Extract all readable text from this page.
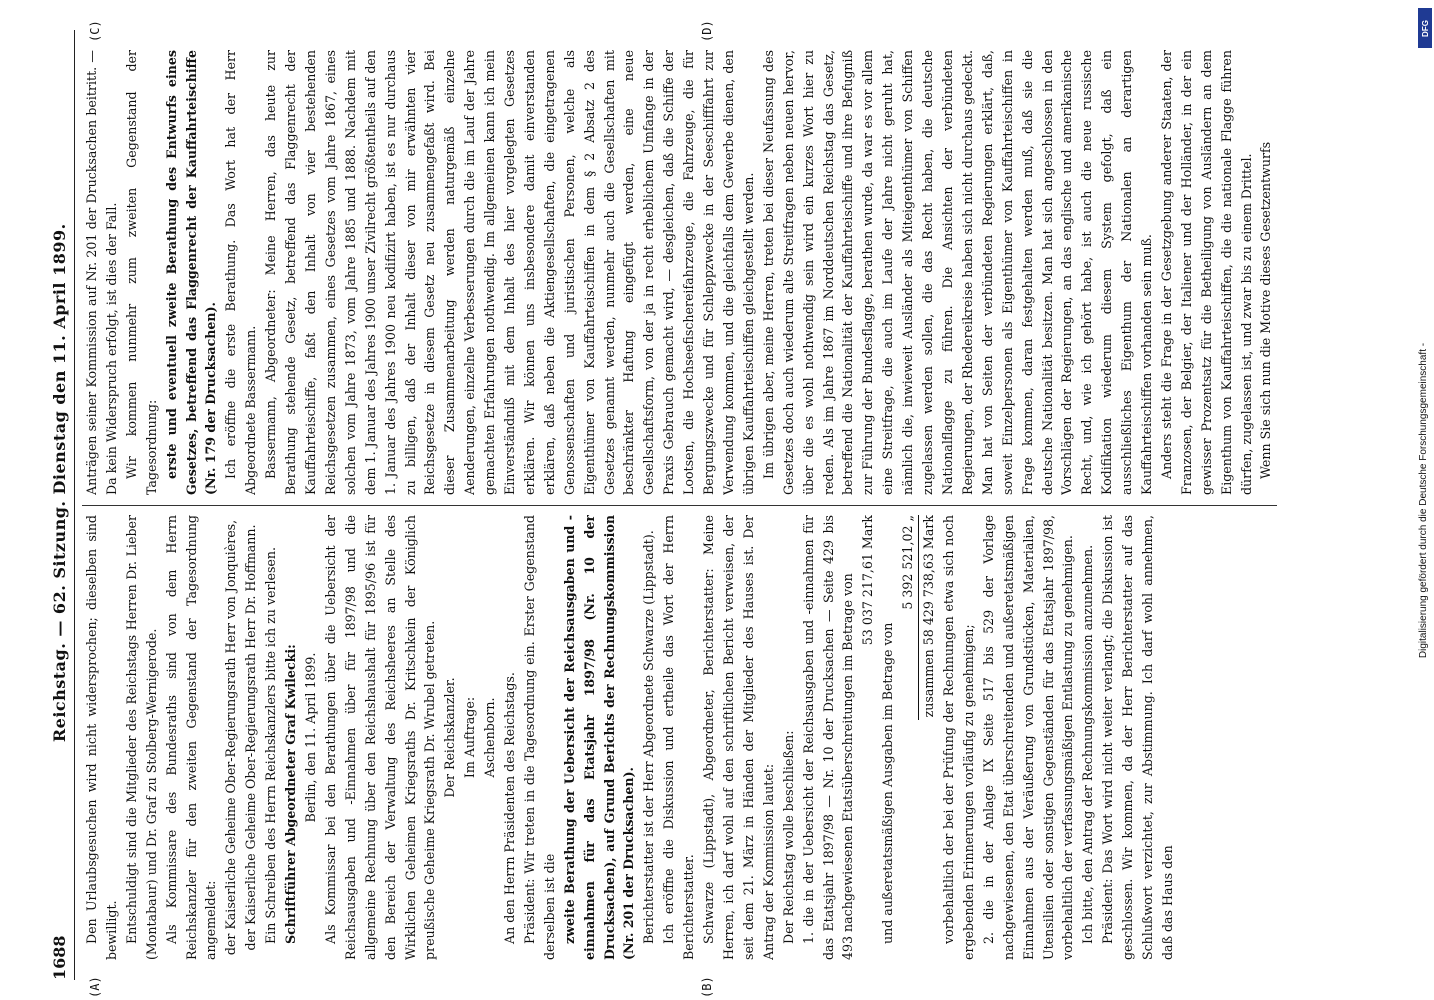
1688
Reichstag. — 62. Sitzung. Dienstag den 11. April 1899.
(A)	(B)
(C)	(D)

Den Urlaubsgesuchen wird nicht widersprochen; dieselben sind bewilligt. Entschuldigt sind die Mitglieder des Reichstags Herren Dr. Lieber (Montabaur) und Dr. Graf zu Stolberg-Wernigerode. Als Kommissare des Bundesraths sind von dem Herrn Reichskanzler für den zweiten Gegenstand der Tagesordnung angemeldet: der Kaiserliche Geheime Ober-Regierungsrath Herr von Jonquières, der Kaiserliche Geheime Ober-Regierungsrath Herr Dr. Hoffmann. Ein Schreiben des Herrn Reichskanzlers bitte ich zu verlesen. Schriftführer Abgeordneter Graf Kwilecki: Berlin, den 11. April 1899. Als Kommissar bei den Berathungen über die Uebersicht der Reichsausgaben und -Einnahmen über für 1897/98 und die allgemeine Rechnung über den Reichshaushalt für 1895/96 ist für den Bereich der Verwaltung des Reichsheeres an Stelle des Wirklichen Geheimen Kriegsraths Dr. Kritschkein der Königlich preußische Geheime Kriegsrath Dr. Wrubel getreten. Der Reichskanzler. Im Auftrage: Aschenborn. An den Herrn Präsidenten des Reichstags. Präsident: Wir treten in die Tagesordnung ein. Erster Gegenstand derselben ist die zweite Berathung der Uebersicht der Reichsausgaben und -einnahmen für das Etatsjahr 1897/98 (Nr. 10 der Drucksachen), auf Grund Berichts der Rechnungskommission (Nr. 201 der Drucksachen). Berichterstatter ist der Herr Abgeordnete Schwarze (Lippstadt). Ich eröffne die Diskussion und ertheile das Wort der Herrn Berichterstatter. Schwarze (Lippstadt), Abgeordneter, Berichterstatter: Meine Herren, ich darf wohl auf den schriftlichen Bericht verweisen, der seit dem 21. März in Händen der Mitglieder des Hauses ist. Der Antrag der Kommission lautet: Der Reichstag wolle beschließen: 1. die in der Uebersicht der Reichsausgaben und -einnahmen für das Etatsjahr 1897/98 — Nr. 10 der Drucksachen — Seite 429 bis 493 nachgewiesenen Etatsüberschreitungen im Betrage von 53 037 217,61 Mark

und außeretatsmäßigen Ausgaben im Betrage von

5 392 521,02 „ zusammen 58 429 738,63 Mark vorbehaltlich der bei der Prüfung der Rechnungen etwa sich noch ergebenden Erinnerungen vorläufig zu genehmigen; 2. die in der Anlage IX Seite 517 bis 529 der Vorlage nachgewiesenen, den Etat überschreitenden und außeretatsmäßigen Einnahmen aus der Veräußerung von Grundstücken, Materialien, Utensilien oder sonstigen Gegenständen für das Etatsjahr 1897/98, vorbehaltlich der verfassungsmäßigen Entlastung zu genehmigen. Ich bitte, den Antrag der Rechnungskommission anzunehmen. Präsident: Das Wort wird nicht weiter verlangt; die Diskussion ist geschlossen. Wir kommen, da der Herr Berichterstatter auf das Schlußwort verzichtet, zur Abstimmung. Ich darf wohl annehmen, daß das Haus den

Anträgen seiner Kommission auf Nr. 201 der Drucksachen beitritt. — Da kein Widerspruch erfolgt, ist dies der Fall. Wir kommen nunmehr zum zweiten Gegenstand der Tagesordnung: erste und eventuell zweite Berathung des Entwurfs eines Gesetzes, betreffend das Flaggenrecht der Kauffahrteischiffe (Nr. 179 der Drucksachen). Ich eröffne die erste Berathung. Das Wort hat der Herr Abgeordnete Bassermann. Bassermann, Abgeordneter: Meine Herren, das heute zur Berathung stehende Gesetz, betreffend das Flaggenrecht der Kauffahrteischiffe, faßt den Inhalt von vier bestehenden Reichsgesetzen zusammen, eines Gesetzes vom Jahre 1867, eines solchen vom Jahre 1873, vom Jahre 1885 und 1888. Nachdem mit dem 1. Januar des Jahres 1900 unser Zivilrecht größtentheils auf den 1. Januar des Jahres 1900 neu kodifizirt haben, ist es nur durchaus zu billigen, daß der Inhalt dieser von mir erwähnten vier Reichsgesetze in diesem Gesetz neu zusammengefaßt wird. Bei dieser Zusammenarbeitung werden naturgemäß einzelne Aenderungen, einzelne Verbesserungen durch die im Lauf der Jahre gemachten Erfahrungen nothwendig. Im allgemeinen kann ich mein Einverständniß mit dem Inhalt des hier vorgelegten Gesetzes erklären. Wir können uns insbesondere damit einverstanden erklären, daß neben die Aktiengesellschaften, die eingetragenen Genossenschaften und juristischen Personen, welche als Eigenthümer von Kauffahrteischiffen in dem § 2 Absatz 2 des Gesetzes genannt werden, nunmehr auch die Gesellschaften mit beschränkter Haftung eingefügt werden, eine neue Gesellschaftsform, von der ja in recht erheblichem Umfange in der Praxis Gebrauch gemacht wird, — desgleichen, daß die Schiffe der Lootsen, die Hochseefischereifahrzeuge, die Fahrzeuge, die für Bergungszwecke und für Schleppzwecke in der Seeschifffahrt zur Verwendung kommen, und die gleichfalls dem Gewerbe dienen, den übrigen Kauffahrteischiffen gleichgestellt werden. Im übrigen aber, meine Herren, treten bei dieser Neufassung des Gesetzes doch auch wiederum alte Streitfragen neben neuen hervor, über die es wohl nothwendig sein wird ein kurzes Wort hier zu reden. Als im Jahre 1867 im Norddeutschen Reichstag das Gesetz, betreffend die Nationalität der Kauffahrteischiffe und ihre Befugniß zur Führung der Bundesflagge, berathen wurde, da war es vor allem eine Streitfrage, die auch im Laufe der Jahre nicht geruht hat, nämlich die, inwieweit Ausländer als Miteigenthümer von Schiffen zugelassen werden sollen, die das Recht haben, die deutsche Nationalflagge zu führen. Die Ansichten der verbündeten Regierungen, der Rhedereikreise haben sich nicht durchaus gedeckt. Man hat von Seiten der verbündeten Regierungen erklärt, daß, soweit Einzelpersonen als Eigenthümer von Kauffahrteischiffen in Frage kommen, daran festgehalten werden muß, daß sie die deutsche Nationalität besitzen. Man hat sich angeschlossen in den Vorschlägen der Regierungen, an das englische und amerikanische Recht, und, wie ich gehört habe, ist auch die neue russische Kodifikation wiederum diesem System gefolgt, daß ein ausschließliches Eigenthum der Nationalen an derartigen Kauffahrteischiffen vorhanden sein muß. Anders steht die Frage in der Gesetzgebung anderer Staaten, der Franzosen, der Belgier, der Italiener und der Holländer, in der ein gewisser Prozentsatz für die Betheiligung von Ausländern an dem Eigenthum von Kauffahrteischiffen, die die nationale Flagge führen dürfen, zugelassen ist, und zwar bis zu einem Drittel. Wenn Sie sich nun die Motive dieses Gesetzentwurfs

Digitalisierung gefördert durch die Deutsche Forschungsgemeinschaft -
DFG
